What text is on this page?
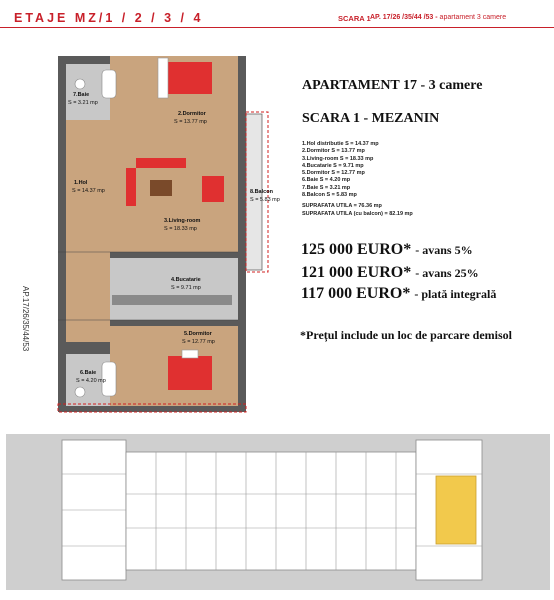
ETAJE MZ/1 / 2 / 3 / 4	SCARA 1 AP. 17/26 /35/44 /53 - apartament 3 camere
7.Baie
S = 3.21 mp
2.Dormitor
S = 13.77 mp
1.Hol
S = 14.37 mp
3.Living-room
S = 18.33 mp
8.Balcon
S = 5.83 mp
4.Bucatarie
S = 9.71 mp
5.Dormitor
S = 12.77 mp
6.Baie
S = 4.20 mp
AP.17/26/35/44/53
APARTAMENT 17 - 3 camere
SCARA 1 - MEZANIN
1.Hol distributie S = 14.37 mp
2.Dormitor S = 13.77 mp
3.Living-room S = 18.33 mp
4.Bucatarie S = 9.71 mp
5.Dormitor S = 12.77 mp
6.Baie S = 4.20 mp
7.Baie S = 3.21 mp
8.Balcon S = 5.83 mp
SUPRAFATA UTILA = 76.36 mp
SUPRAFATA UTILA (cu balcon) = 82.19 mp
125 000 EURO* - avans 5%
121 000 EURO* - avans 25%
117 000 EURO* - plată integrală
*Prețul include un loc de parcare demisol
